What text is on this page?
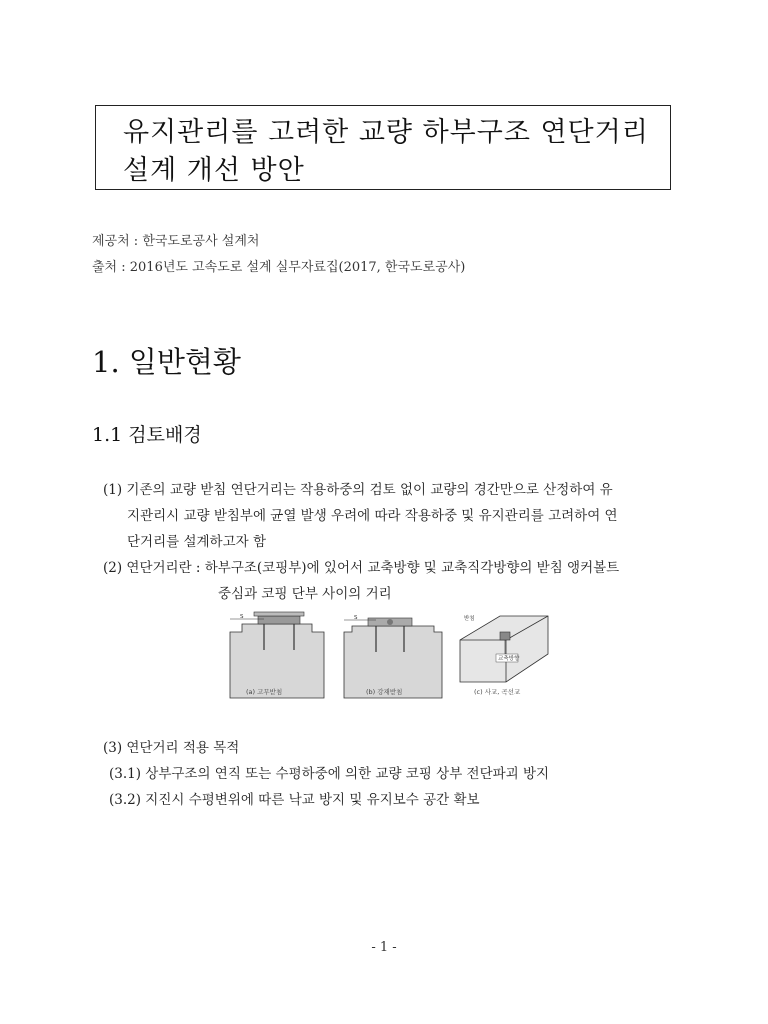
유지관리를 고려한 교량 하부구조 연단거리
설계 개선 방안
제공처 : 한국도로공사 설계처
출처 : 2016년도 고속도로 설계 실무자료집(2017, 한국도로공사)
1. 일반현황
1.1 검토배경
(1) 기존의 교량 받침 연단거리는 작용하중의 검토 없이 교량의 경간만으로 산정하여 유
지관리시 교량 받침부에 균열 발생 우려에 따라 작용하중 및 유지관리를 고려하여 연
단거리를 설계하고자 함
(2) 연단거리란 : 하부구조(코핑부)에 있어서 교축방향 및 교축직각방향의 받침 앵커볼트
중심과 코핑 단부 사이의 거리
S
(a) 고무받침
S
(b) 강재받침
교축방향
받침
(c) 사교, 곡선교
(3) 연단거리 적용 목적
(3.1) 상부구조의 연직 또는 수평하중에 의한 교량 코핑 상부 전단파괴 방지
(3.2) 지진시 수평변위에 따른 낙교 방지 및 유지보수 공간 확보
- 1 -
